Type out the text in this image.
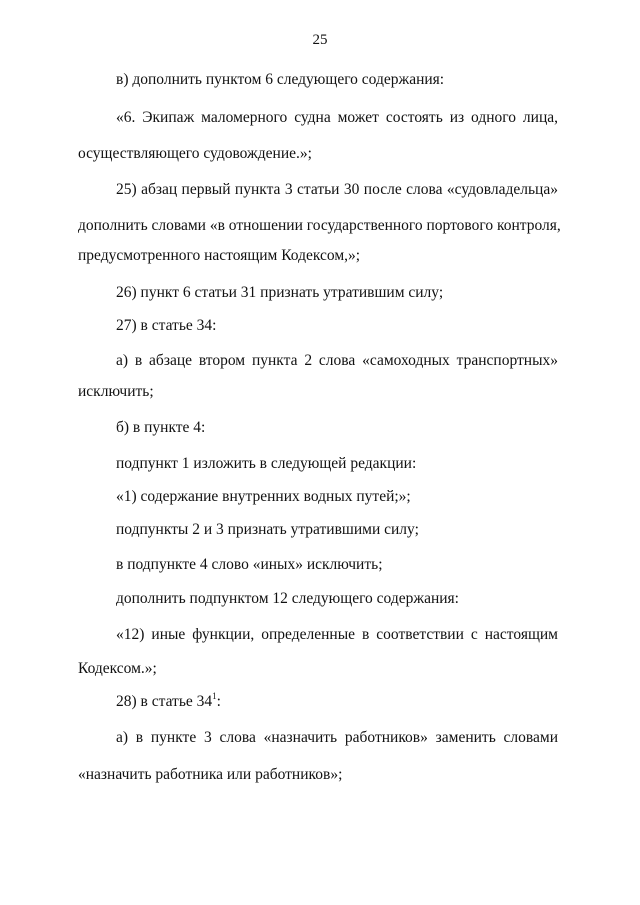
25
в) дополнить пунктом 6 следующего содержания:
«6. Экипаж маломерного судна может состоять из одного лица,
осуществляющего судовождение.»;
25) абзац первый пункта 3 статьи 30 после слова «судовладельца»
дополнить словами «в отношении государственного портового контроля,
предусмотренного настоящим Кодексом,»;
26) пункт 6 статьи 31 признать утратившим силу;
27) в статье 34:
а) в абзаце втором пункта 2 слова «самоходных транспортных»
исключить;
б) в пункте 4:
подпункт 1 изложить в следующей редакции:
«1) содержание внутренних водных путей;»;
подпункты 2 и 3 признать утратившими силу;
в подпункте 4 слово «иных» исключить;
дополнить подпунктом 12 следующего содержания:
«12) иные функции, определенные в соответствии с настоящим
Кодексом.»;
28) в статье $34^1$:
а) в пункте 3 слова «назначить работников» заменить словами
«назначить работника или работников»;
